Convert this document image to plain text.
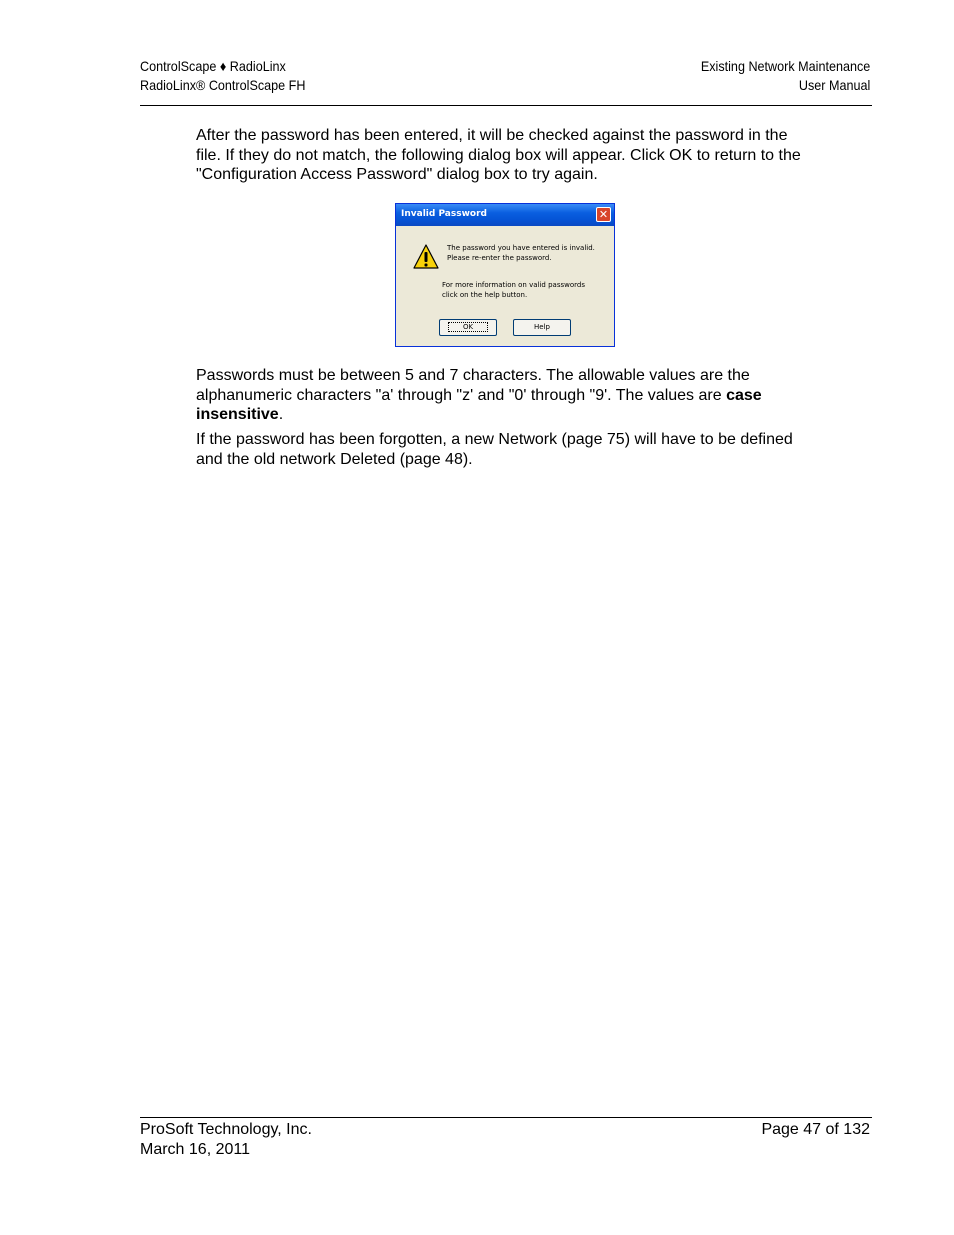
ControlScape ♦ RadioLinx
RadioLinx® ControlScape FH
Existing Network Maintenance
User Manual
After the password has been entered, it will be checked against the password in the file. If they do not match, the following dialog box will appear. Click OK to return to the "Configuration Access Password" dialog box to try again.
Invalid Password	✕
The password you have entered is invalid. Please re-enter the password.
For more information on valid passwords click on the help button.
OK	Help
Passwords must be between 5 and 7 characters. The allowable values are the alphanumeric characters "a' through "z' and "0' through "9'. The values are case insensitive.
If the password has been forgotten, a new Network (page 75) will have to be defined and the old network Deleted (page 48).
ProSoft Technology, Inc.
March 16, 2011
Page 47 of 132
